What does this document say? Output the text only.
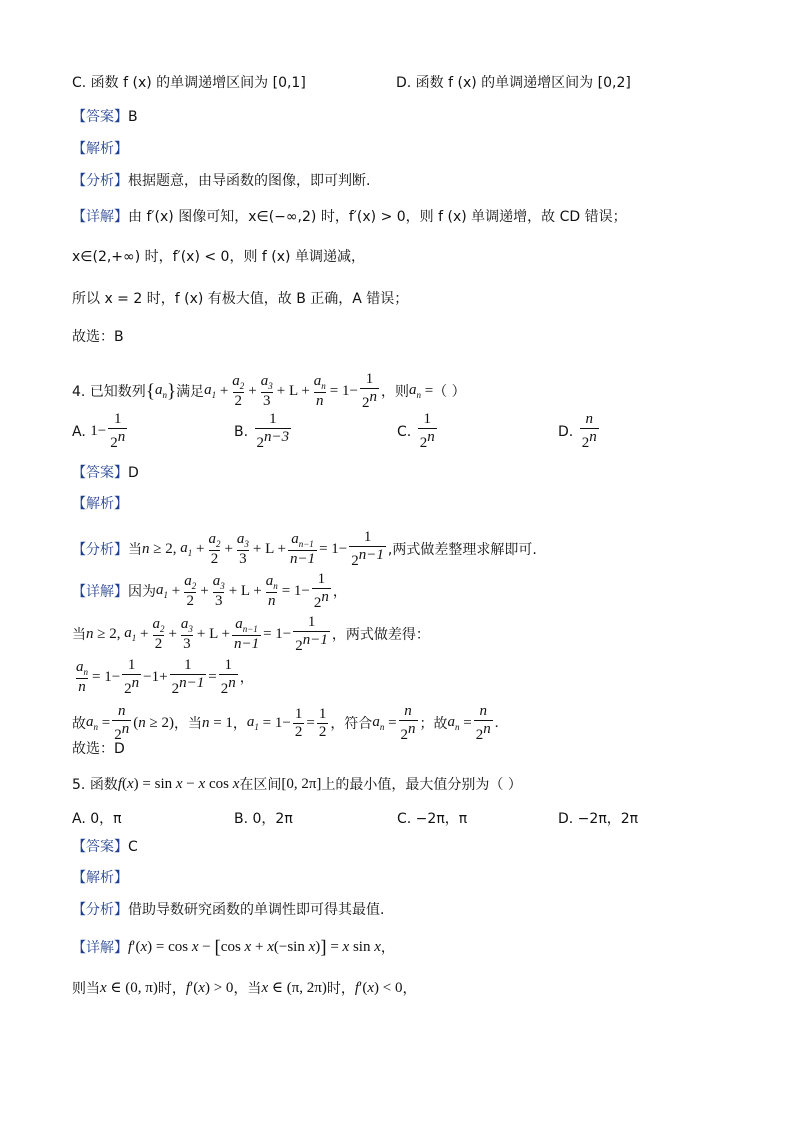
C. 函数 f (x) 的单调递增区间为 [0,1]	D. 函数 f (x) 的单调递增区间为 [0,2]
【答案】 B
【解析】
【分析】 根据题意，由导函数的图像，即可判断.
【详解】 由 f′(x) 图像可知，x∈(−∞,2) 时，f′(x) > 0，则 f (x) 单调递增，故 CD 错误；
x∈(2,+∞) 时，f′(x) < 0，则 f (x) 单调递减，
所以 x = 2 时，f (x) 有极大值，故 B 正确，A 错误；
故选：B
4.
已知数列 { $a_n$ } 满足 $a_1 + \frac{a_2}{2} + \frac{a_3}{3} + L + \frac{a_n}{n} = 1- \frac{1}{2^n}$ ，则 $a_n$ = （ ）
A.
$1- \frac{1}{2^n}$	B.
$\frac{1}{2^{n-3}}$	C.
$\frac{1}{2^n}$	D.
$\frac{n}{2^n}$
【答案】 D
【解析】
【分析】 当 n ≥ 2, $a_1 + \frac{a_2}{2} + \frac{a_3}{3} + L + \frac{a_{n-1}}{n-1} = 1- \frac{1}{2^{n-1}}$ ,两式做差整理求解即可.
【详解】 因为 $a_1 + \frac{a_2}{2} + \frac{a_3}{3} + L + \frac{a_n}{n} = 1- \frac{1}{2^n}$ ，
当 n ≥ 2, $a_1 + \frac{a_2}{2} + \frac{a_3}{3} + L + \frac{a_{n-1}}{n-1} = 1- \frac{1}{2^{n-1}}$ ，两式做差得：
$\frac{a_n}{n} = 1- \frac{1}{2^n} -1+ \frac{1}{2^{n-1}} = \frac{1}{2^n}$ ，
故 $a_n = \frac{n}{2^n}$ ( n ≥ 2) ，当 n = 1 ， $a_1 = 1- \frac{1}{2} = \frac{1}{2}$ ，符合 $a_n = \frac{n}{2^n}$ ；故 $a_n = \frac{n}{2^n}$ .
故选：D
5.
函数 f ( x ) = sin x − x cos x 在区间 [0, 2π] 上的最小值，最大值分别为（ ）
A. 0，π	B. 0，2π	C. −2π，π	D. −2π，2π
【答案】 C
【解析】
【分析】 借助导数研究函数的单调性即可得其最值.
【详解】 f ′( x ) = cos x − [ cos x + x (−sin x ) ] = x sin x ，
则当 x ∈ (0, π) 时， f ′( x ) > 0 ，当 x ∈ (π, 2π) 时， f ′( x ) < 0 ，
